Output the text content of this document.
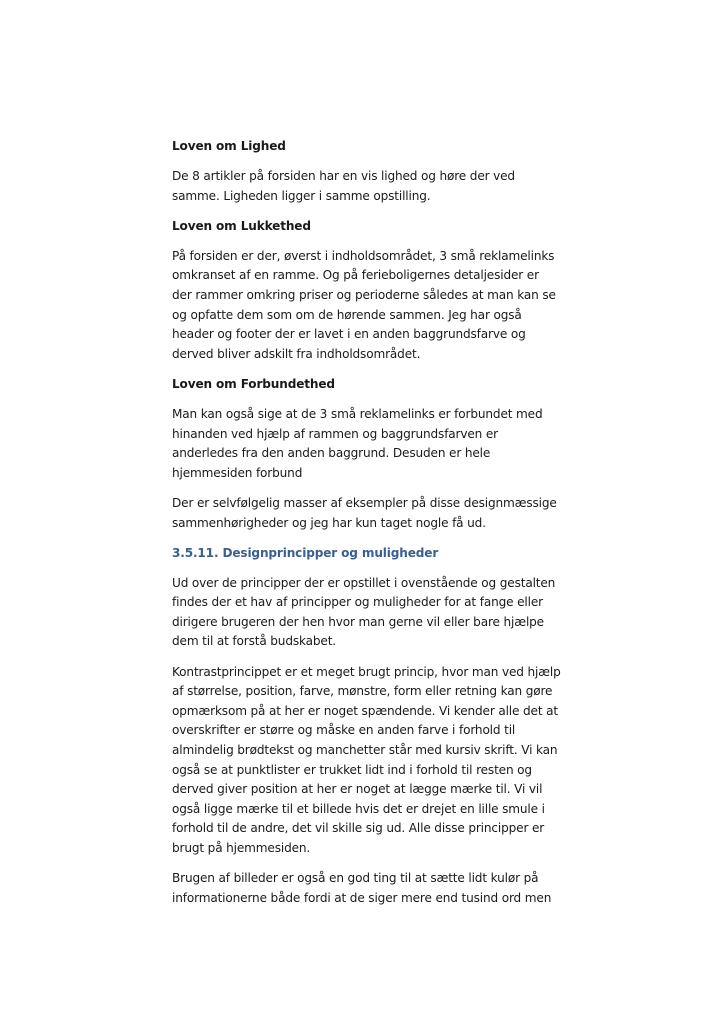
Loven om Lighed

De 8 artikler på forsiden har en vis lighed og høre der ved samme. Ligheden ligger i samme opstilling.

Loven om Lukkethed

På forsiden er der, øverst i indholdsområdet, 3 små reklamelinks omkranset af en ramme. Og på ferieboligernes detaljesider er der rammer omkring priser og perioderne således at man kan se og opfatte dem som om de hørende sammen. Jeg har også header og footer der er lavet i en anden baggrundsfarve og derved bliver adskilt fra indholdsområdet.

Loven om Forbundethed

Man kan også sige at de 3 små reklamelinks er forbundet med hinanden ved hjælp af rammen og baggrundsfarven er anderledes fra den anden baggrund. Desuden er hele hjemmesiden forbund

Der er selvfølgelig masser af eksempler på disse designmæssige sammenhørigheder og jeg har kun taget nogle få ud.

3.5.11. Designprincipper og muligheder

Ud over de principper der er opstillet i ovenstående og gestalten findes der et hav af principper og muligheder for at fange eller dirigere brugeren der hen hvor man gerne vil eller bare hjælpe dem til at forstå budskabet.

Kontrastprincippet er et meget brugt princip, hvor man ved hjælp af størrelse, position, farve, mønstre, form eller retning kan gøre opmærksom på at her er noget spændende. Vi kender alle det at overskrifter er større og måske en anden farve i forhold til almindelig brødtekst og manchetter står med kursiv skrift. Vi kan også se at punktlister er trukket lidt ind i forhold til resten og derved giver position at her er noget at lægge mærke til. Vi vil også ligge mærke til et billede hvis det er drejet en lille smule i forhold til de andre, det vil skille sig ud. Alle disse principper er brugt på hjemmesiden.

Brugen af billeder er også en god ting til at sætte lidt kulør på informationerne både fordi at de siger mere end tusind ord men
